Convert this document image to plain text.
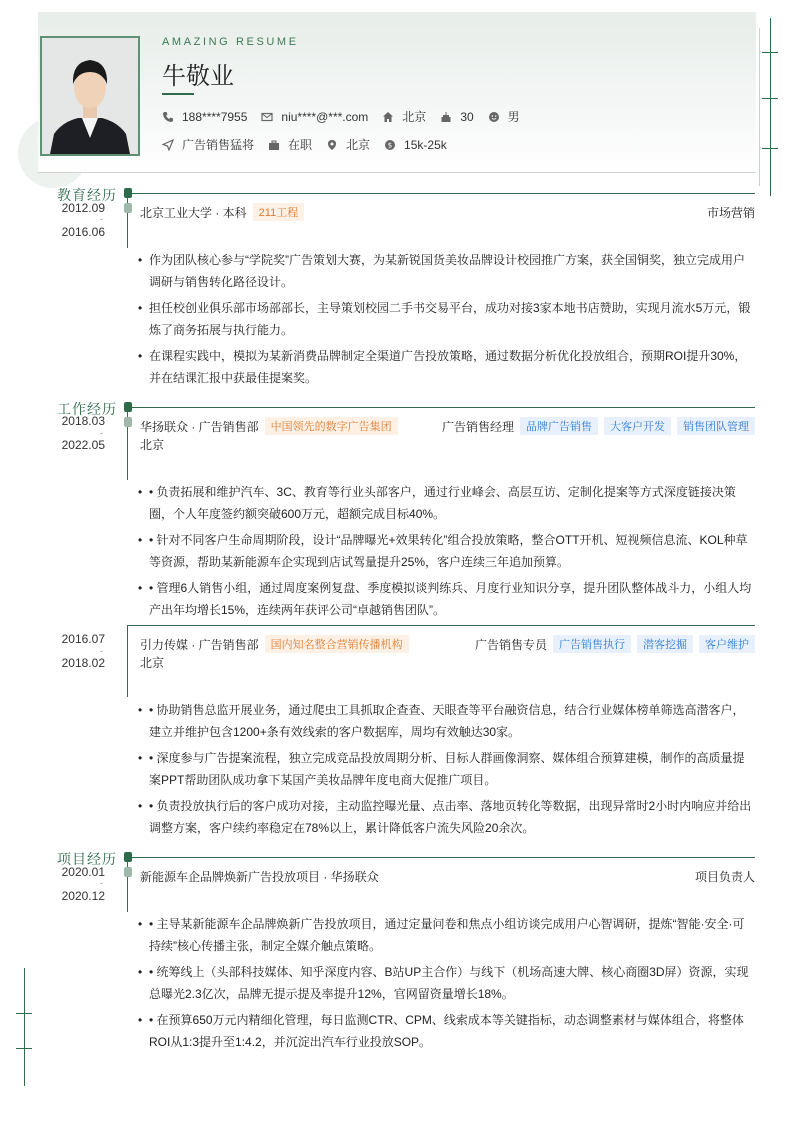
AMAZING RESUME
牛敬业
188****7955	niu****@***.com	北京	30	男
广告销售猛将	在职	北京	$ 15k-25k
教育经历
2012.09
-
2016.06
北京工业大学 · 本科	211工程	市场营销
• 作为团队核心参与“学院奖”广告策划大赛，为某新锐国货美妆品牌设计校园推广方案，获全国铜奖，独立完成用户调研与销售转化路径设计。
• 担任校创业俱乐部市场部部长，主导策划校园二手书交易平台，成功对接3家本地书店赞助，实现月流水5万元，锻炼了商务拓展与执行能力。
• 在课程实践中，模拟为某新消费品牌制定全渠道广告投放策略，通过数据分析优化投放组合，预期ROI提升30%，并在结课汇报中获最佳提案奖。
工作经历
2018.03
-
2022.05
华扬联众 · 广告销售部	中国领先的数字广告集团
北京
广告销售经理	品牌广告销售	大客户开发	销售团队管理
• • 负责拓展和维护汽车、3C、教育等行业头部客户，通过行业峰会、高层互访、定制化提案等方式深度链接决策圈，个人年度签约额突破600万元，超额完成目标40%。
• • 针对不同客户生命周期阶段，设计“品牌曝光+效果转化”组合投放策略，整合OTT开机、短视频信息流、KOL种草等资源，帮助某新能源车企实现到店试驾量提升25%，客户连续三年追加预算。
• • 管理6人销售小组，通过周度案例复盘、季度模拟谈判练兵、月度行业知识分享，提升团队整体战斗力，小组人均产出年均增长15%，连续两年获评公司“卓越销售团队”。
2016.07
-
2018.02
引力传媒 · 广告销售部	国内知名整合营销传播机构
北京
广告销售专员	广告销售执行	潜客挖掘	客户维护
• • 协助销售总监开展业务，通过爬虫工具抓取企查查、天眼查等平台融资信息，结合行业媒体榜单筛选高潜客户，建立并维护包含1200+条有效线索的客户数据库，周均有效触达30家。
• • 深度参与广告提案流程，独立完成竞品投放周期分析、目标人群画像洞察、媒体组合预算建模，制作的高质量提案PPT帮助团队成功拿下某国产美妆品牌年度电商大促推广项目。
• • 负责投放执行后的客户成功对接，主动监控曝光量、点击率、落地页转化等数据，出现异常时2小时内响应并给出调整方案，客户续约率稳定在78%以上，累计降低客户流失风险20余次。
项目经历
2020.01
-
2020.12
新能源车企品牌焕新广告投放项目 · 华扬联众	项目负责人
• • 主导某新能源车企品牌焕新广告投放项目，通过定量问卷和焦点小组访谈完成用户心智调研，提炼“智能·安全·可持续”核心传播主张，制定全媒介触点策略。
• • 统筹线上（头部科技媒体、知乎深度内容、B站UP主合作）与线下（机场高速大牌、核心商圈3D屏）资源，实现总曝光2.3亿次，品牌无提示提及率提升12%，官网留资量增长18%。
• • 在预算650万元内精细化管理，每日监测CTR、CPM、线索成本等关键指标，动态调整素材与媒体组合，将整体ROI从1:3提升至1:4.2，并沉淀出汽车行业投放SOP。
